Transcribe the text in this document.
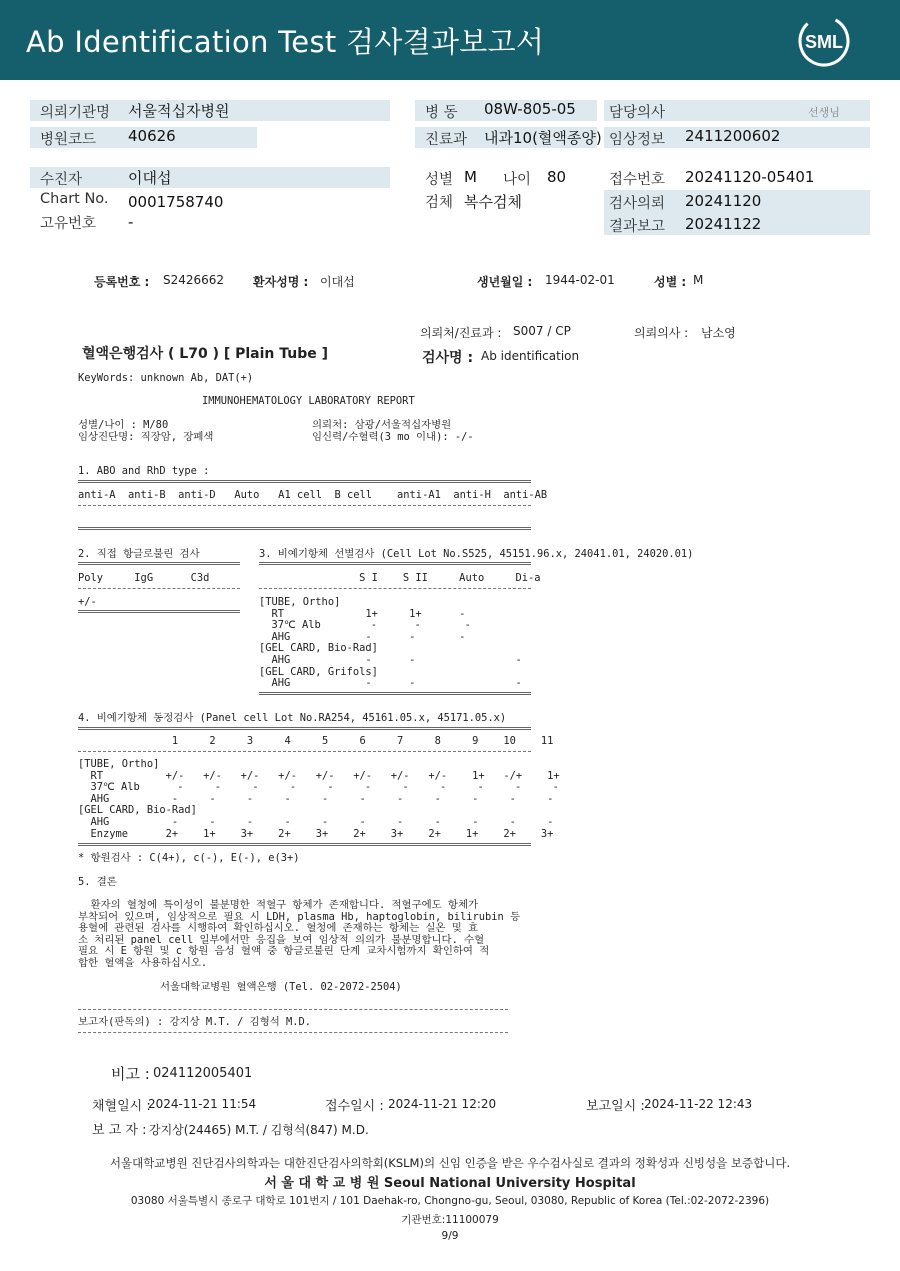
Ab Identification Test 검사결과보고서	SML
의뢰기관명 서울적십자병원
병원코드 40626
병 동 08W-805-05
진료과 내과10(혈액종양)
담당의사	선생님
임상정보 2411200602
수진자	이대섭
Chart No. 0001758740
고유번호 -
성별 M 나이 80
검체 복수검체
접수번호 20241120-05401
검사의뢰 20241120
결과보고 20241122
등록번호 : S2426662 환자성명 : 이대섭	생년월일 : 1944-02-01	성별 : M
의뢰처/진료과 : S007 / CP	의뢰의사 : 남소영
혈액은행검사 ( L70 ) [ Plain Tube ]	검사명 : Ab identification
KeyWords: unknown Ab, DAT(+)
IMMUNOHEMATOLOGY LABORATORY REPORT
성별/나이 : M/80
임상진단명: 직장암, 장폐색
의뢰처: 삼광/서울적십자병원
임신력/수혈력(3 mo 이내): -/-
1. ABO and RhD type :
anti-A  anti-B  anti-D   Auto   A1 cell  B cell    anti-A1  anti-H  anti-AB
2. 직접 항글로불린 검사	3. 비예기항체 선별검사 (Cell Lot No.S525, 45151.96.x, 24041.01, 24020.01)
Poly     IgG      C3d	S I    S II     Auto     Di-a
+/-	[TUBE, Ortho]
RT             1+     1+      -
37℃ Alb        -      -       -
AHG            -      -       -
[GEL CARD, Bio-Rad]
AHG            -      -                -
[GEL CARD, Grifols]
AHG            -      -                -
4. 비예기항체 동정검사 (Panel cell Lot No.RA254, 45161.05.x, 45171.05.x)
1     2     3     4     5     6     7     8     9    10    11
[TUBE, Ortho]
RT          +/-   +/-   +/-   +/-   +/-   +/-   +/-   +/-    1+   -/+    1+
37℃ Alb      -     -     -     -     -     -     -     -     -     -     -
AHG          -     -     -     -     -     -     -     -     -     -     -
[GEL CARD, Bio-Rad]
AHG          -     -     -     -     -     -     -     -     -     -     -
Enzyme      2+    1+    3+    2+    3+    2+    3+    2+    1+    2+    3+
* 항원검사 : C(4+), c(-), E(-), e(3+)
5. 결론
환자의 혈청에 특이성이 불분명한 적혈구 항체가 존재합니다. 적혈구에도 항체가
부착되어 있으며, 임상적으로 필요 시 LDH, plasma Hb, haptoglobin, bilirubin 등
용혈에 관련된 검사를 시행하여 확인하십시오. 혈청에 존재하는 항체는 실온 및 효
소 처리된 panel cell 일부에서만 응집을 보여 임상적 의의가 불분명합니다. 수혈
필요 시 E 항원 및 c 항원 음성 혈액 중 항글로불린 단계 교차시험까지 확인하여 적
합한 혈액을 사용하십시오.
서울대학교병원 혈액은행 (Tel. 02-2072-2504)
보고자(판독의) : 강지상 M.T. / 김형석 M.D.
비고 : 024112005401
채혈일시 :
2024-11-21 11:54	접수일시 : 2024-11-21 12:20	보고일시 : 2024-11-22 12:43
보 고 자 : 강지상(24465) M.T. / 김형석(847) M.D.
서울대학교병원 진단검사의학과는 대한진단검사의학회(KSLM)의 신임 인증을 받은 우수검사실로 결과의 정확성과 신빙성을 보증합니다.
서 울 대 학 교 병 원 Seoul National University Hospital
03080 서울특별시 종로구 대학로 101번지 / 101 Daehak-ro, Chongno-gu, Seoul, 03080, Republic of Korea (Tel.:02-2072-2396)
기관번호:11100079
9/9
